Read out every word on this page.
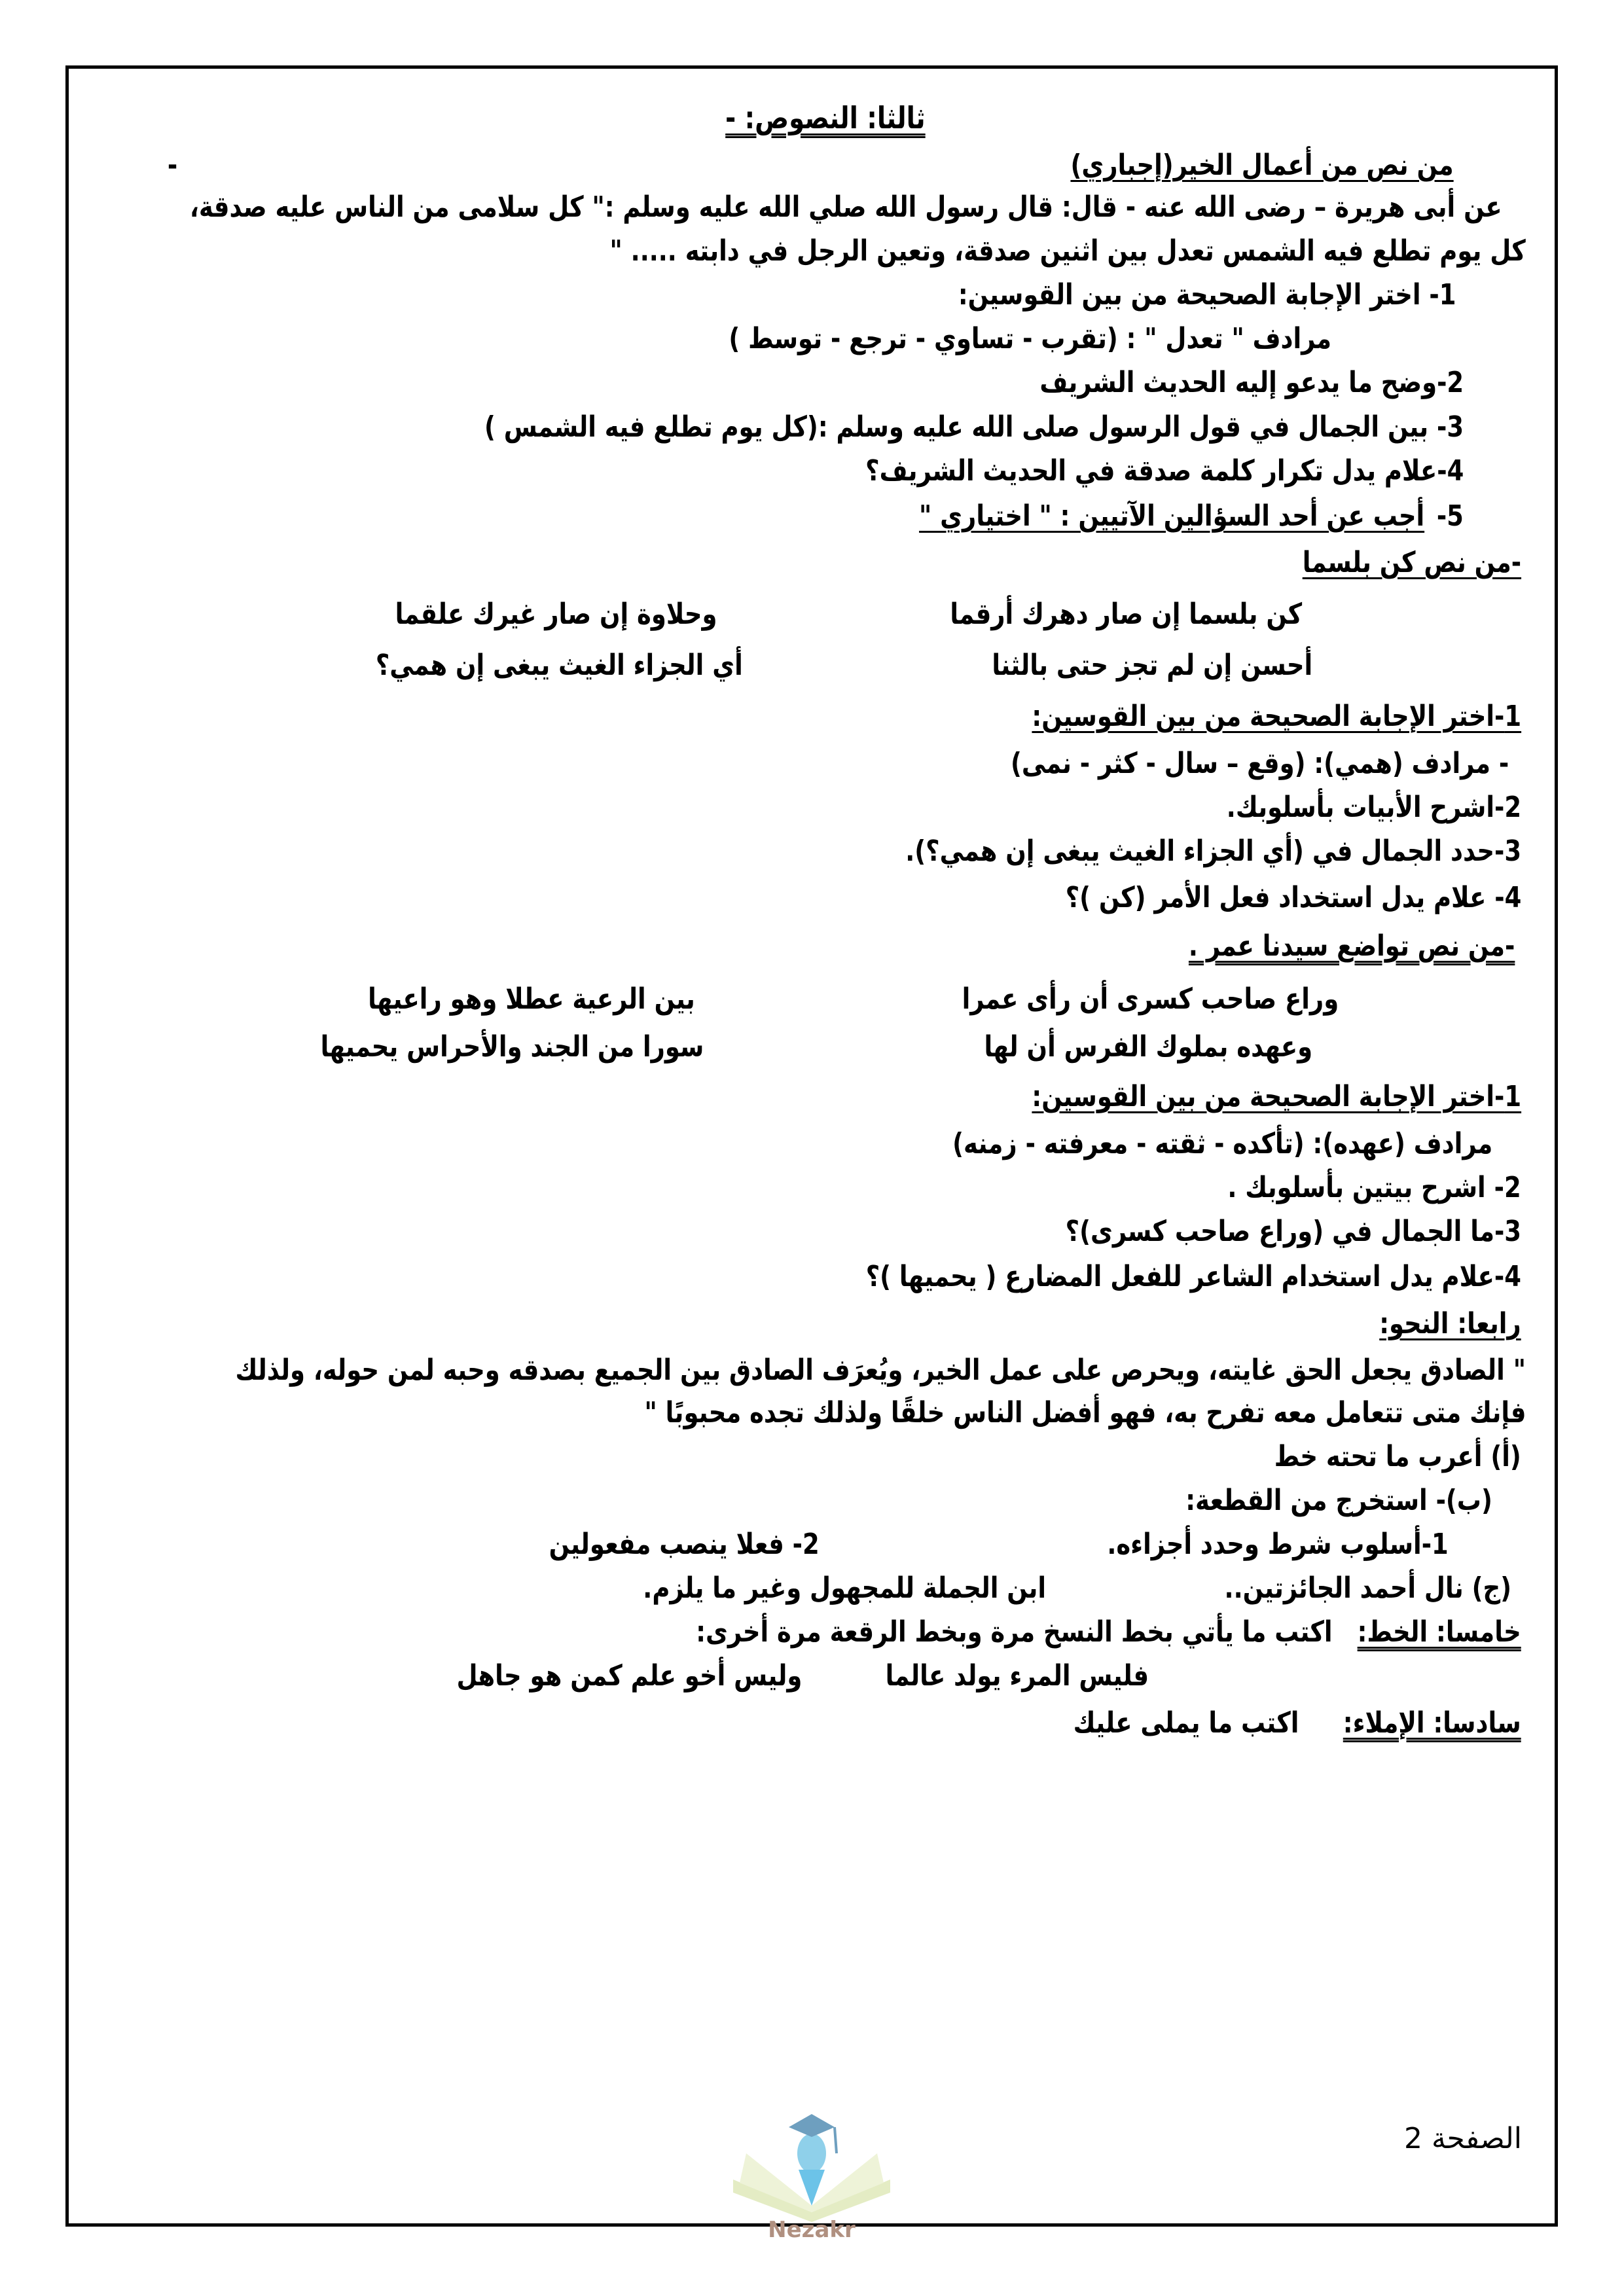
ثالثا: النصوص: -
-	من نص من أعمال الخير(إجباري)
عن أبى هريرة – رضى الله عنه - قال: قال رسول الله صلي الله عليه وسلم :" كل سلامى من الناس عليه صدقة،
كل يوم تطلع فيه الشمس تعدل بين اثنين صدقة، وتعين الرجل في دابته ..... "
1- اختر الإجابة الصحيحة من بين القوسين:
مرادف " تعدل " : (تقرب - تساوي - ترجع - توسط )
2-وضح ما يدعو إليه الحديث الشريف
3- بين الجمال في قول الرسول صلى الله عليه وسلم :(كل يوم تطلع فيه الشمس )
4-علام يدل تكرار كلمة صدقة في الحديث الشريف؟
5-
أجب عن أحد السؤالين الآتيين : " اختياري "
-من نص كن بلسما
كن بلسما إن صار دهرك أرقما
وحلاوة إن صار غيرك علقما
أحسن إن لم تجز حتى بالثنا
أي الجزاء الغيث يبغى إن همي؟
1-اختر الإجابة الصحيحة من بين القوسين:
- مرادف (همي): (وقع – سال - كثر - نمى)
2-اشرح الأبيات بأسلوبك.
3-حدد الجمال في (أي الجزاء الغيث يبغى إن همي؟).
4- علام يدل استخداد فعل الأمر (كن )؟
-من نص تواضع سيدنا عمر .
وراع صاحب كسرى أن رأى عمرا
بين الرعية عطلا وهو راعيها
وعهده بملوك الفرس أن لها
سورا من الجند والأحراس يحميها
1-اختر الإجابة الصحيحة من بين القوسين:
مرادف (عهده): (تأكده - ثقته - معرفته - زمنه)
2- اشرح بيتين بأسلوبك .
3-ما الجمال في (وراع صاحب كسرى)؟
4-علام يدل استخدام الشاعر للفعل المضارع ( يحميها )؟
رابعا: النحو:
" الصادق يجعل الحق غايته، ويحرص على عمل الخير، ويُعرَف الصادق بين الجميع بصدقه وحبه لمن حوله، ولذلك
فإنك متى تتعامل معه تفرح به، فهو أفضل الناس خلقًا ولذلك تجده محبوبًا "
(أ) أعرب ما تحته خط
(ب)- استخرج من القطعة:
1-أسلوب شرط وحدد أجزاءه.
2- فعلا ينصب مفعولين
(ج) نال أحمد الجائزتين..
ابن الجملة للمجهول وغير ما يلزم.
خامسا: الخط:
اكتب ما يأتي بخط النسخ مرة وبخط الرقعة مرة أخرى:
فليس المرء يولد عالما
وليس أخو علم كمن هو جاهل
سادسا: الإملاء:
اكتب ما يملى عليك
الصفحة 2
Nezakr
